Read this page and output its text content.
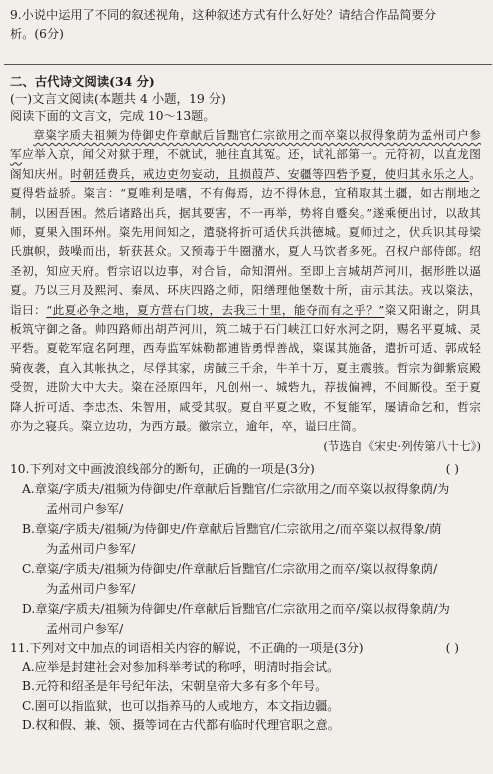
9.小说中运用了不同的叙述视角，这种叙述方式有什么好处？请结合作品简要分
析。(6分)
二、古代诗文阅读(34 分)
(一)文言文阅读(本题共 4 小题，19 分)
阅读下面的文言文，完成 10～13题。

章粢字质夫祖频为侍御史仵章献后旨黜官仁宗欲用之而卒粢以叔得象荫为孟州司户参军应举入京，闻父对狱于理，不就试，驰往直其冤。还，试礼部第一。元符初，以直龙图阁知庆州。时朝廷费兵，戒边吏勿妄动，且损葭芦、安疆等四砦予夏，使归其永乐之人。夏得砦益骄。粢言：“夏唯利是嗜，不有侮焉，边不得休息，宜稍取其土疆，如古削地之制，以困吾困。然后诸路出兵，据其要害，不一再举，势将自蹙矣。”遂乘便出讨，以敌其师，夏果入围环州。粢先用间知之，遣骁将折可适伏兵洪德城。夏师过之，伏兵识其母梁氏旗帜，鼓噪而出，斩获甚众。又预毒于牛圈潴水，夏人马饮者多死。召权户部侍郎。绍圣初，知应天府。哲宗诏以边事，对合旨，命知渭州。至即上言城胡芦河川，据形胜以逼夏。乃以三月及熙河、秦凤、环庆四路之师，阳缮理他堡数十所，亩示其法。戎以粢法，诣曰：“此夏必争之地，夏方营右门坡，去我三十里，能夺而有之乎？”粢又阳谢之，阴具板筑守御之备。帅四路师出胡芦河川，筑二城于石门峡江口好水河之阴，赐名平夏城、灵平砦。夏乾军寇名阿理，西寿监军妹勒都逋皆勇悍善战，粢谋其施备，遣折可适、郭成轻骑夜袭，直入其帐执之，尽俘其家，虏馘三千余，牛羊十万，夏主震骇。哲宗为御紫宸殿受贺，进阶大中大夫。粢在泾原四年，凡创州一、城砦九，荐拔偏裨，不间厮役。至于夏降人折可适、李忠杰、朱智用，咸受其驭。夏自平夏之败，不复能军，屡请命乞和，哲宗亦为之寝兵。粢立边功，为西方最。徽宗立，逾年，卒，谥曰庄简。

(节选自《宋史·列传第八十七》)
10.下列对文中画波浪线部分的断句，正确的一项是(3分)	( )
A.章粢/字质夫/祖频为侍御史/仵章献后旨黜官/仁宗欲用之/而卒粢以叔得象荫/为
孟州司户参军/
B.章粢/字质夫/祖频/为侍御史/仵章献后旨黜官/仁宗欲用之/而卒粢以叔得象/荫
为孟州司户参军/
C.章粢/字质夫/祖频为侍御史/仵章献后旨黜官/仁宗欲用之而卒/粢以叔得象荫/
为孟州司户参军/
D.章粢/字质夫/祖频为侍御史/仵章献后旨黜官/仁宗欲用之而卒/粢以叔得象荫/为
孟州司户参军/
11.下列对文中加点的词语相关内容的解说，不正确的一项是(3分)	( )
A.应举是封建社会对参加科举考试的称呼，明清时指会试。
B.元符和绍圣是年号纪年法，宋朝皇帝大多有多个年号。
C.圉可以指监狱，也可以指养马的人或地方，本文指边疆。
D.权和假、兼、领、摄等词在古代都有临时代理官职之意。
